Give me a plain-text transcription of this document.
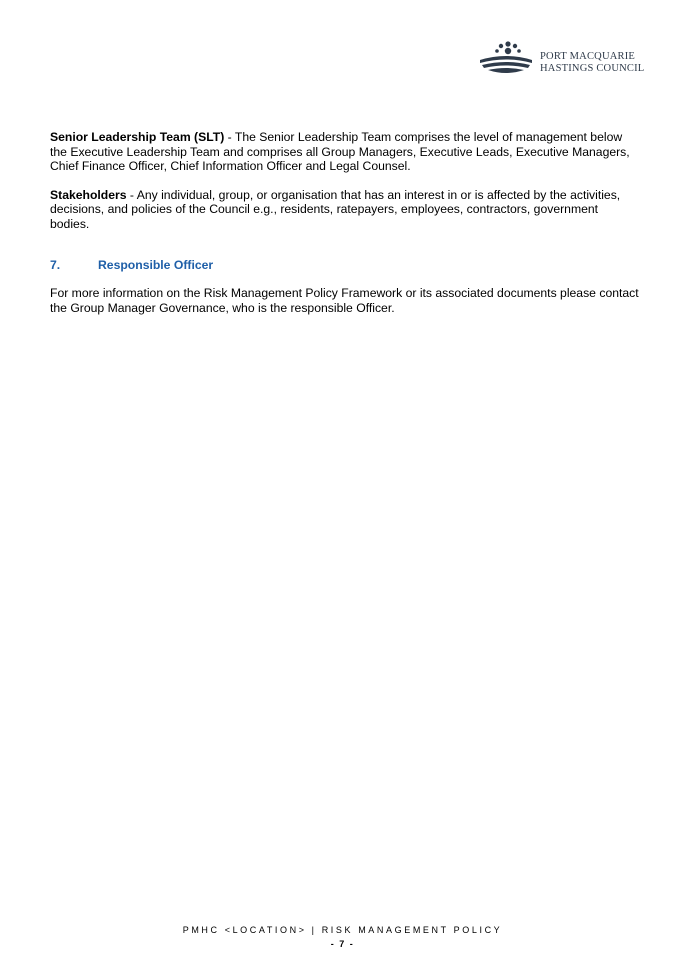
PORT MACQUARIE
HASTINGS COUNCIL

Senior Leadership Team (SLT) - The Senior Leadership Team comprises the level of management below the Executive Leadership Team and comprises all Group Managers, Executive Leads, Executive Managers, Chief Finance Officer, Chief Information Officer and Legal Counsel.

Stakeholders - Any individual, group, or organisation that has an interest in or is affected by the activities, decisions, and policies of the Council e.g., residents, ratepayers, employees, contractors, government bodies.

7.	Responsible Officer

For more information on the Risk Management Policy Framework or its associated documents please contact the Group Manager Governance, who is the responsible Officer.

PMHC <LOCATION> | RISK MANAGEMENT POLICY
- 7 -
